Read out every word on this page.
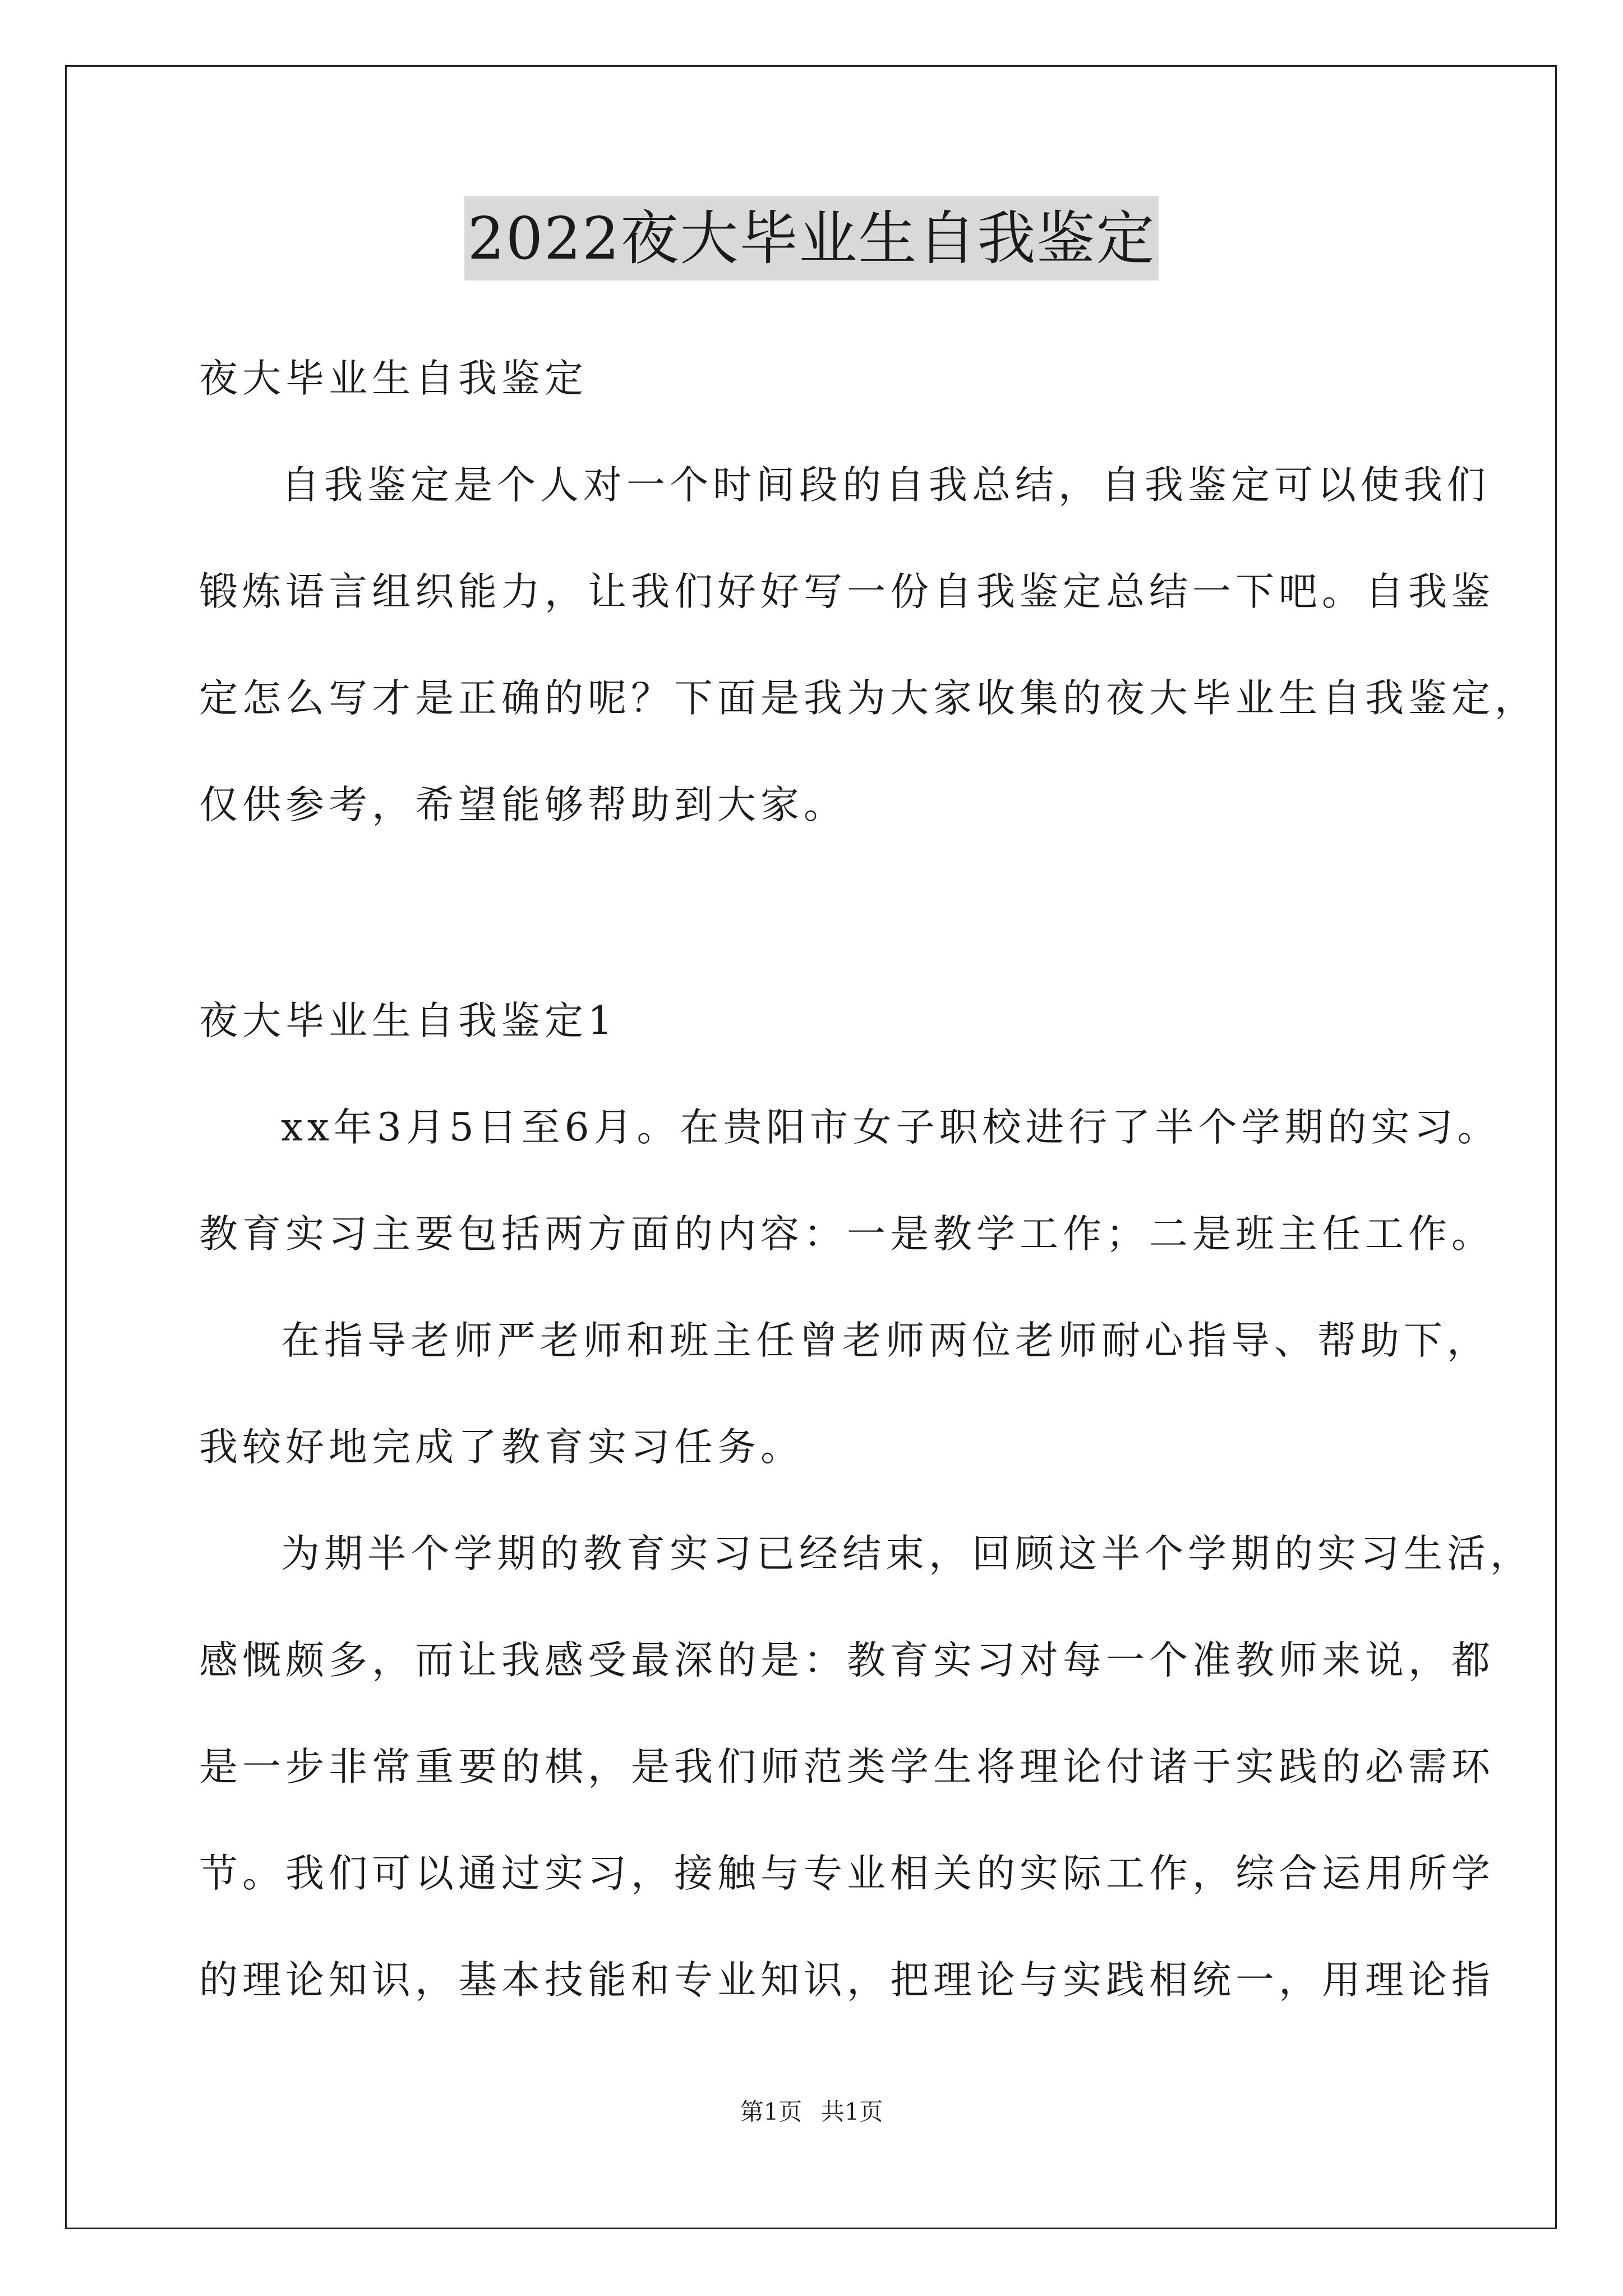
2022夜大毕业生自我鉴定
夜大毕业生自我鉴定
自我鉴定是个人对一个时间段的自我总结，自我鉴定可以使我们
锻炼语言组织能力，让我们好好写一份自我鉴定总结一下吧。自我鉴
定怎么写才是正确的呢？下面是我为大家收集的夜大毕业生自我鉴定，
仅供参考，希望能够帮助到大家。
夜大毕业生自我鉴定1
xx年3月5日至6月。在贵阳市女子职校进行了半个学期的实习。
教育实习主要包括两方面的内容：一是教学工作；二是班主任工作。
在指导老师严老师和班主任曾老师两位老师耐心指导、帮助下，
我较好地完成了教育实习任务。
为期半个学期的教育实习已经结束，回顾这半个学期的实习生活，
感慨颇多，而让我感受最深的是：教育实习对每一个准教师来说，都
是一步非常重要的棋，是我们师范类学生将理论付诸于实践的必需环
节。我们可以通过实习，接触与专业相关的实际工作，综合运用所学
的理论知识，基本技能和专业知识，把理论与实践相统一，用理论指
第1页 共1页
